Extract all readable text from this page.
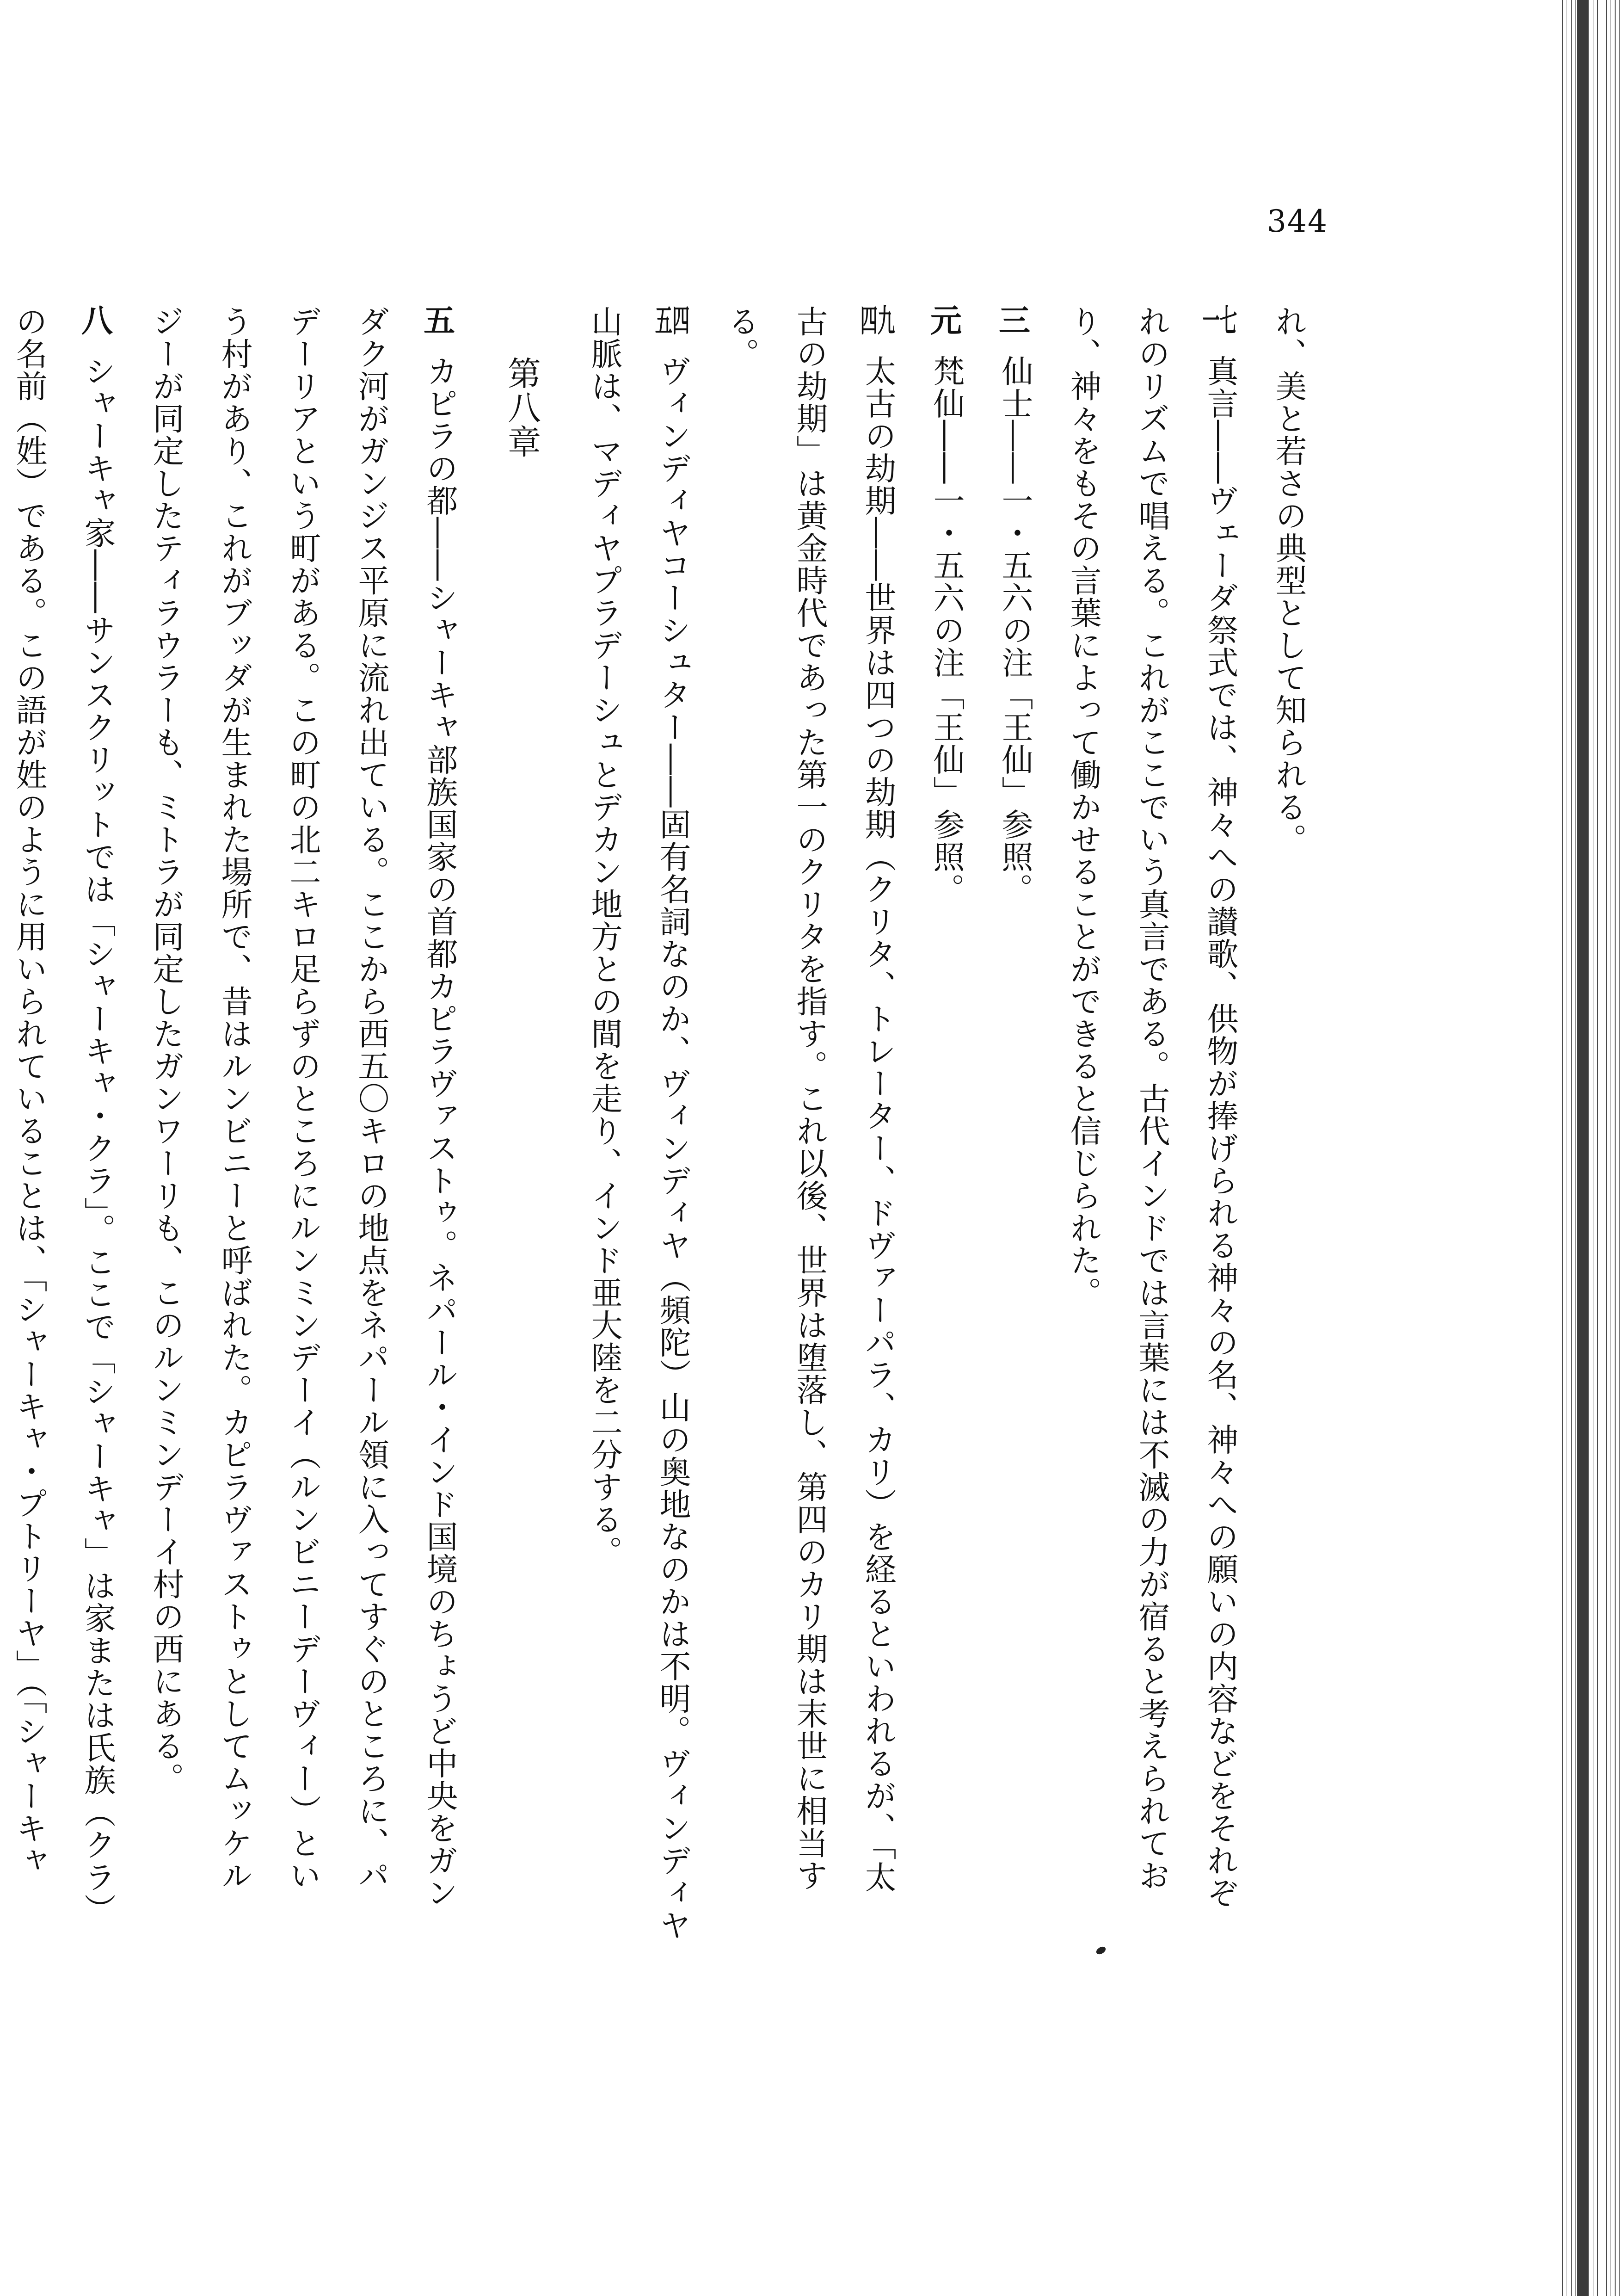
344
れ、美と若さの典型として知られる。
一七 真言――ヴェーダ祭式では、神々への讃歌、供物が捧げられる神々の名、神々への願いの内容などをそれぞ
れのリズムで唱える。これがここでいう真言である。古代インドでは言葉には不滅の力が宿ると考えられてお
り、神々をもその言葉によって働かせることができると信じられた。
三 仙士――一・五六の注「王仙」参照。
元 梵仙――一・五六の注「王仙」参照。
四九 太古の劫期――世界は四つの劫期（クリタ、トレーター、ドヴァーパラ、カリ）を経るといわれるが、「太
古の劫期」は黄金時代であった第一のクリタを指す。これ以後、世界は堕落し、第四のカリ期は末世に相当す
る。
五四 ヴィンディヤコーシュター――固有名詞なのか、ヴィンディヤ（頻陀）山の奥地なのかは不明。ヴィンディヤ
山脈は、マディヤプラデーシュとデカン地方との間を走り、インド亜大陸を二分する。
第八章
五 カピラの都――シャーキャ部族国家の首都カピラヴァストゥ。ネパール・インド国境のちょうど中央をガン
ダク河がガンジス平原に流れ出ている。ここから西五〇キロの地点をネパール領に入ってすぐのところに、パ
デーリアという町がある。この町の北二キロ足らずのところにルンミンデーイ（ルンビニーデーヴィー）とい
う村があり、これがブッダが生まれた場所で、昔はルンビニーと呼ばれた。カピラヴァストゥとしてムッケル
ジーが同定したティラウラーも、ミトラが同定したガンワーリも、このルンミンデーイ村の西にある。
八 シャーキャ家――サンスクリットでは「シャーキャ・クラ」。ここで「シャーキャ」は家または氏族（クラ）
の名前（姓）である。この語が姓のように用いられていることは、「シャーキャ・プトリーヤ」（「シャーキャ
